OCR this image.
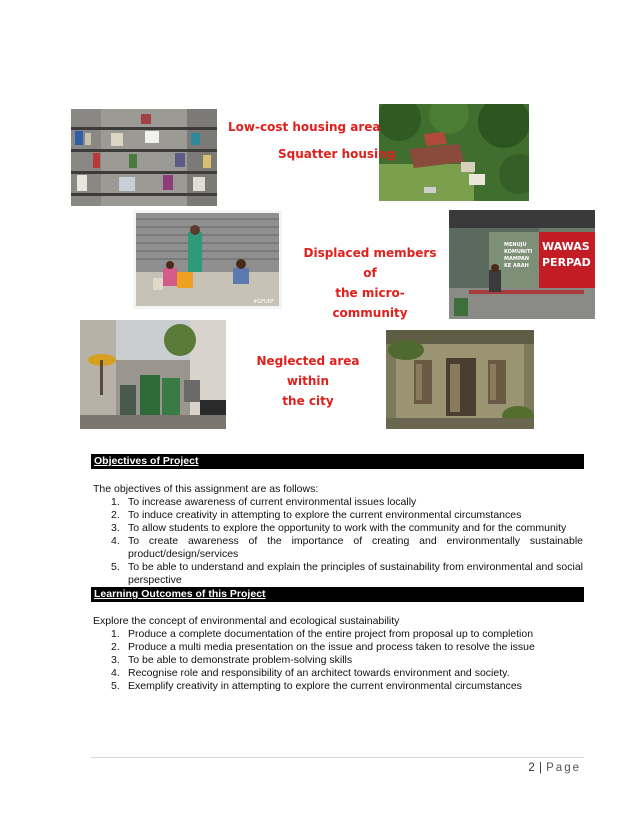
#GFURF
MENUJU
KOMUNITI
MAMPAN
KE ARAH
WAWAS
PERPAD
Low-cost housing area
Squatter housing
Displaced members of
the micro-community
Neglected area within
the city
Objectives of Project
The objectives of this assignment are as follows:
1. To increase awareness of current environmental issues locally
2. To induce creativity in attempting to explore the current environmental circumstances
3. To allow students to explore the opportunity to work with the community and for the community
4. To create awareness of the importance of creating and environmentally sustainable product/design/services
5. To be able to understand and explain the principles of sustainability from environmental and social perspective
Learning Outcomes of this Project
Explore the concept of environmental and ecological sustainability
1. Produce a complete documentation of the entire project from proposal up to completion
2. Produce a multi media presentation on the issue and process taken to resolve the issue
3. To be able to demonstrate problem-solving skills
4. Recognise role and responsibility of an architect towards environment and society.
5. Exemplify creativity in attempting to explore the current environmental circumstances
2 | Page
